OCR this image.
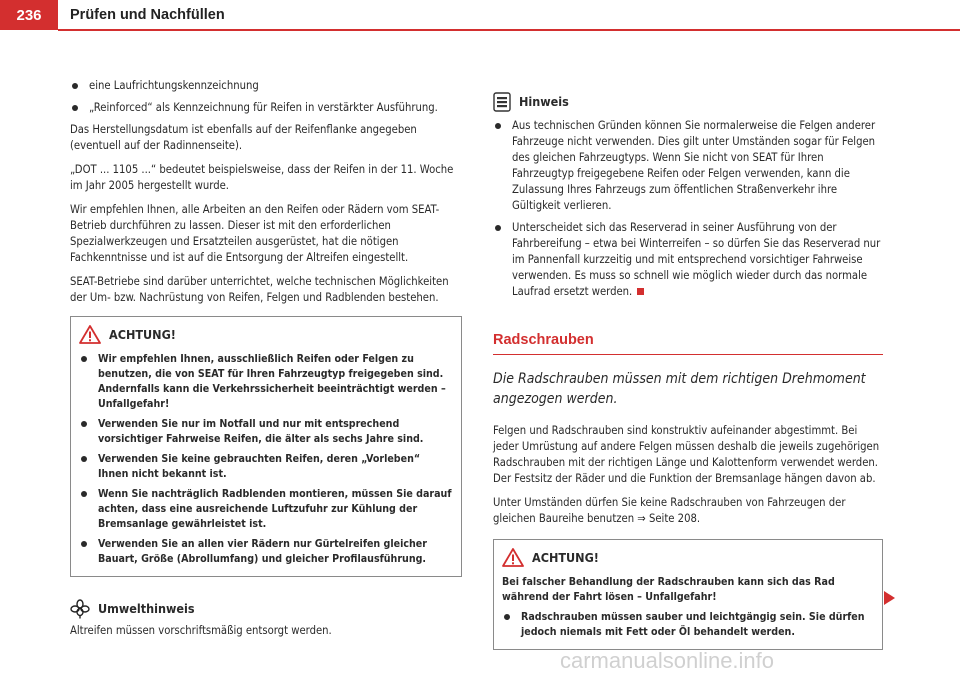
236	Prüfen und Nachfüllen
eine Laufrichtungskennzeichnung
„Reinforced“ als Kennzeichnung für Reifen in verstärkter Ausführung.

Das Herstellungsdatum ist ebenfalls auf der Reifenflanke angegeben (eventuell auf der Radinnenseite).

„DOT ... 1105 ...“ bedeutet beispielsweise, dass der Reifen in der 11. Woche im Jahr 2005 hergestellt wurde.

Wir empfehlen Ihnen, alle Arbeiten an den Reifen oder Rädern vom SEAT-Betrieb durchführen zu lassen. Dieser ist mit den erforderlichen Spezialwerkzeugen und Ersatzteilen ausgerüstet, hat die nötigen Fachkenntnisse und ist auf die Entsorgung der Altreifen eingestellt.

SEAT-Betriebe sind darüber unterrichtet, welche technischen Möglichkeiten der Um- bzw. Nachrüstung von Reifen, Felgen und Radblenden bestehen.

ACHTUNG!
Wir empfehlen Ihnen, ausschließlich Reifen oder Felgen zu benutzen, die von SEAT für Ihren Fahrzeugtyp freigegeben sind. Andernfalls kann die Verkehrssicherheit beeinträchtigt werden – Unfallgefahr!
Verwenden Sie nur im Notfall und nur mit entsprechend vorsichtiger Fahrweise Reifen, die älter als sechs Jahre sind.
Verwenden Sie keine gebrauchten Reifen, deren „Vorleben“ Ihnen nicht bekannt ist.
Wenn Sie nachträglich Radblenden montieren, müssen Sie darauf achten, dass eine ausreichende Luftzufuhr zur Kühlung der Bremsanlage gewährleistet ist.
Verwenden Sie an allen vier Rädern nur Gürtelreifen gleicher Bauart, Größe (Abrollumfang) und gleicher Profilausführung.
Umwelthinweis

Altreifen müssen vorschriftsmäßig entsorgt werden.

Hinweis
Aus technischen Gründen können Sie normalerweise die Felgen anderer Fahrzeuge nicht verwenden. Dies gilt unter Umständen sogar für Felgen des gleichen Fahrzeugtyps. Wenn Sie nicht von SEAT für Ihren Fahrzeugtyp freigegebene Reifen oder Felgen verwenden, kann die Zulassung Ihres Fahrzeugs zum öffentlichen Straßenverkehr ihre Gültigkeit verlieren.
Unterscheidet sich das Reserverad in seiner Ausführung von der Fahrbereifung – etwa bei Winterreifen – so dürfen Sie das Reserverad nur im Pannenfall kurzzeitig und mit entsprechend vorsichtiger Fahrweise verwenden. Es muss so schnell wie möglich wieder durch das normale Laufrad ersetzt werden.
Radschrauben
Die Radschrauben müssen mit dem richtigen Drehmoment angezogen werden.

Felgen und Radschrauben sind konstruktiv aufeinander abgestimmt. Bei jeder Umrüstung auf andere Felgen müssen deshalb die jeweils zugehörigen Radschrauben mit der richtigen Länge und Kalottenform verwendet werden. Der Festsitz der Räder und die Funktion der Bremsanlage hängen davon ab.

Unter Umständen dürfen Sie keine Radschrauben von Fahrzeugen der gleichen Baureihe benutzen ⇒ Seite 208.

ACHTUNG!

Bei falscher Behandlung der Radschrauben kann sich das Rad während der Fahrt lösen – Unfallgefahr!

Radschrauben müssen sauber und leichtgängig sein. Sie dürfen jedoch niemals mit Fett oder Öl behandelt werden.
carmanualsonline.info
